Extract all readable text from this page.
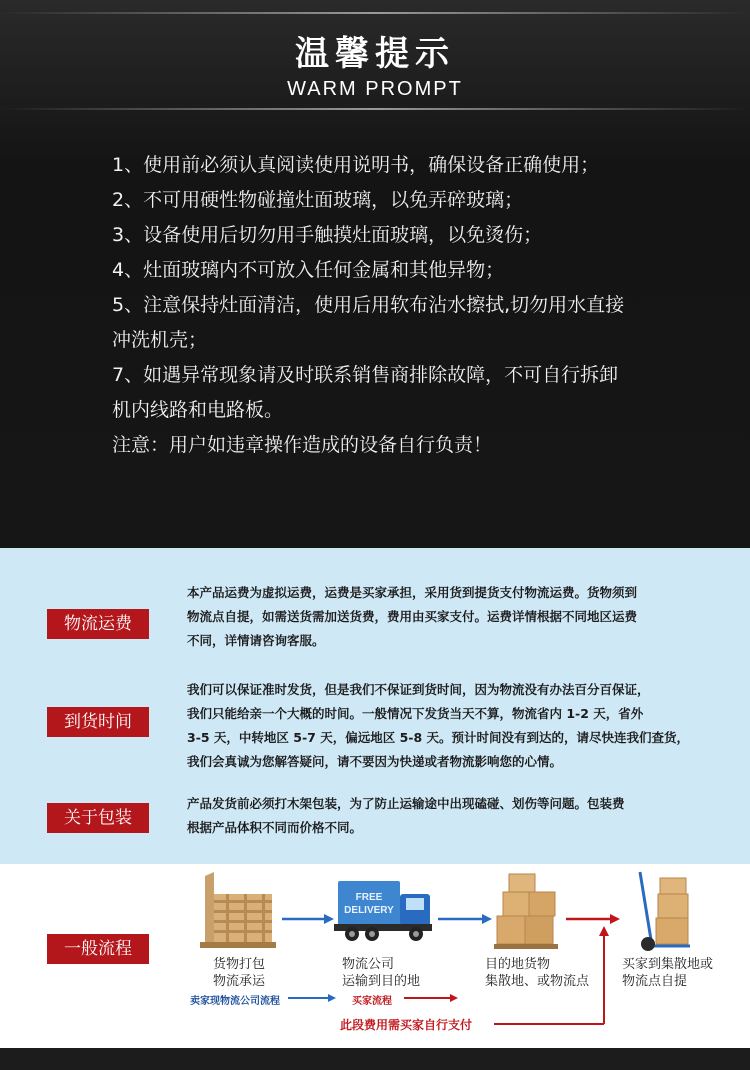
温馨提示
WARM PROMPT
1、使用前必须认真阅读使用说明书，确保设备正确使用；
2、不可用硬性物碰撞灶面玻璃，以免弄碎玻璃；
3、设备使用后切勿用手触摸灶面玻璃，以免烫伤；
4、灶面玻璃内不可放入任何金属和其他异物；
5、注意保持灶面清洁，使用后用软布沾水擦拭,切勿用水直接
冲洗机壳；
7、如遇异常现象请及时联系销售商排除故障，不可自行拆卸
机内线路和电路板。
注意：用户如违章操作造成的设备自行负责！
物流运费
本产品运费为虚拟运费，运费是买家承担，采用货到提货支付物流运费。货物须到
物流点自提，如需送货需加送货费，费用由买家支付。运费详情根据不同地区运费
不同，详情请咨询客服。
到货时间
我们可以保证准时发货，但是我们不保证到货时间，因为物流没有办法百分百保证，
我们只能给亲一个大概的时间。一般情况下发货当天不算，物流省内 1-2 天，省外
3-5 天，中转地区 5-7 天，偏远地区 5-8 天。预计时间没有到达的，请尽快连我们查货，
我们会真诚为您解答疑问，请不要因为快递或者物流影响您的心情。
关于包装
产品发货前必须打木架包装，为了防止运输途中出现磕碰、划伤等问题。包装费
根据产品体积不同而价格不同。
一般流程
FREE
DELIVERY
货物打包
物流承运
物流公司
运输到目的地
目的地货物
集散地、或物流点
买家到集散地或
物流点自提
卖家现物流公司流程	买家流程
此段费用需买家自行支付
